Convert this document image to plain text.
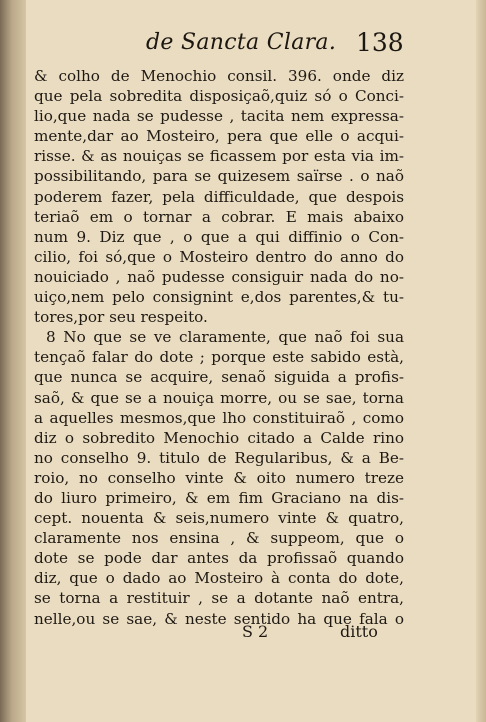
de Sancta Clara. 138
& colho de Menochio consil. 396. onde diz
que pela sobredita disposiçaõ,quiz só o Conci-
lio,que nada se pudesse , tacita nem expressa-
mente,dar ao Mosteiro, pera que elle o acqui-
risse. & as nouiças se ficassem por esta via im-
possibilitando, para se quizesem saïrse . o naõ
poderem fazer, pela difficuldade, que despois
teriaõ em o tornar a cobrar. E mais abaixo
num 9. Diz que , o que a qui diffinio o Con-
cilio, foi só,que o Mosteiro dentro do anno do
nouiciado , naõ pudesse consiguir nada do no-
uiço,nem pelo consignint e,dos parentes,& tu-
tores,por seu respeito.
8 No que se ve claramente, que naõ foi sua
tençaõ falar do dote ; porque este sabido està,
que nunca se acquire, senaõ siguida a profis-
saõ, & que se a nouiça morre, ou se sae, torna
a aquelles mesmos,que lho constituiraõ , como
diz o sobredito Menochio citado a Calde rino
no conselho 9. titulo de Regularibus, & a Be-
roio, no conselho vinte & oito numero treze
do liuro primeiro, & em fim Graciano na dis-
cept. nouenta & seis,numero vinte & quatro,
claramente nos ensina , & suppeom, que o
dote se pode dar antes da profissaõ quando
diz, que o dado ao Mosteiro à conta do dote,
se torna a restituir , se a dotante naõ entra,
nelle,ou se sae, & neste sentido ha que fala o
S 2	ditto
